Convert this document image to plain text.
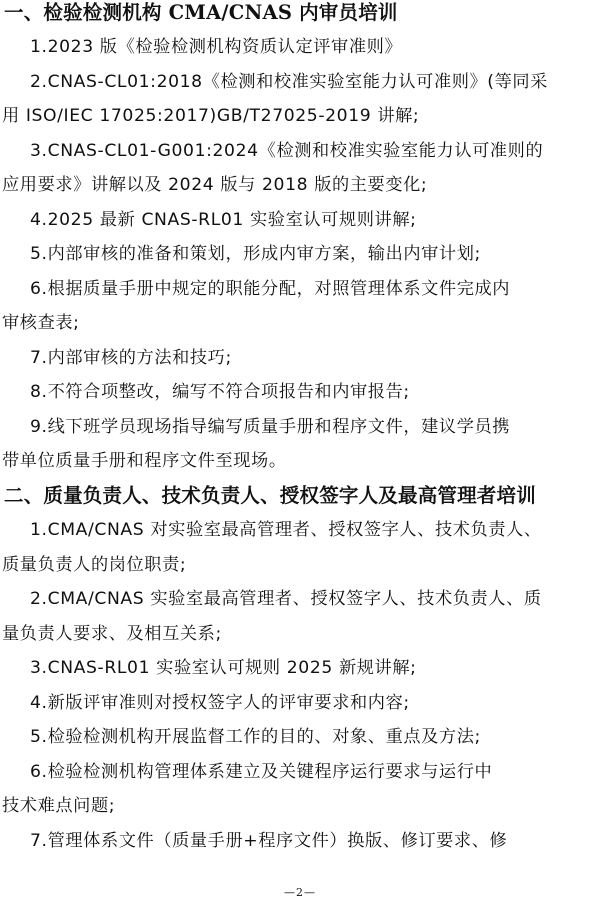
一、检验检测机构 CMA/CNAS 内审员培训
1.2023 版《检验检测机构资质认定评审准则》
2.CNAS-CL01:2018《检测和校准实验室能力认可准则》(等同采
用 ISO/IEC 17025:2017)GB/T27025-2019 讲解;
3.CNAS-CL01-G001:2024《检测和校准实验室能力认可准则的
应用要求》讲解以及 2024 版与 2018 版的主要变化;
4.2025 最新 CNAS-RL01 实验室认可规则讲解;
5.内部审核的准备和策划，形成内审方案，输出内审计划;
6.根据质量手册中规定的职能分配，对照管理体系文件完成内
审核查表;
7.内部审核的方法和技巧;
8.不符合项整改，编写不符合项报告和内审报告;
9.线下班学员现场指导编写质量手册和程序文件，建议学员携
带单位质量手册和程序文件至现场。
二、质量负责人、技术负责人、授权签字人及最高管理者培训
1.CMA/CNAS 对实验室最高管理者、授权签字人、技术负责人、
质量负责人的岗位职责;
2.CMA/CNAS 实验室最高管理者、授权签字人、技术负责人、质
量负责人要求、及相互关系;
3.CNAS-RL01 实验室认可规则 2025 新规讲解;
4.新版评审准则对授权签字人的评审要求和内容;
5.检验检测机构开展监督工作的目的、对象、重点及方法;
6.检验检测机构管理体系建立及关键程序运行要求与运行中
技术难点问题;
7.管理体系文件（质量手册+程序文件）换版、修订要求、修
—2—
